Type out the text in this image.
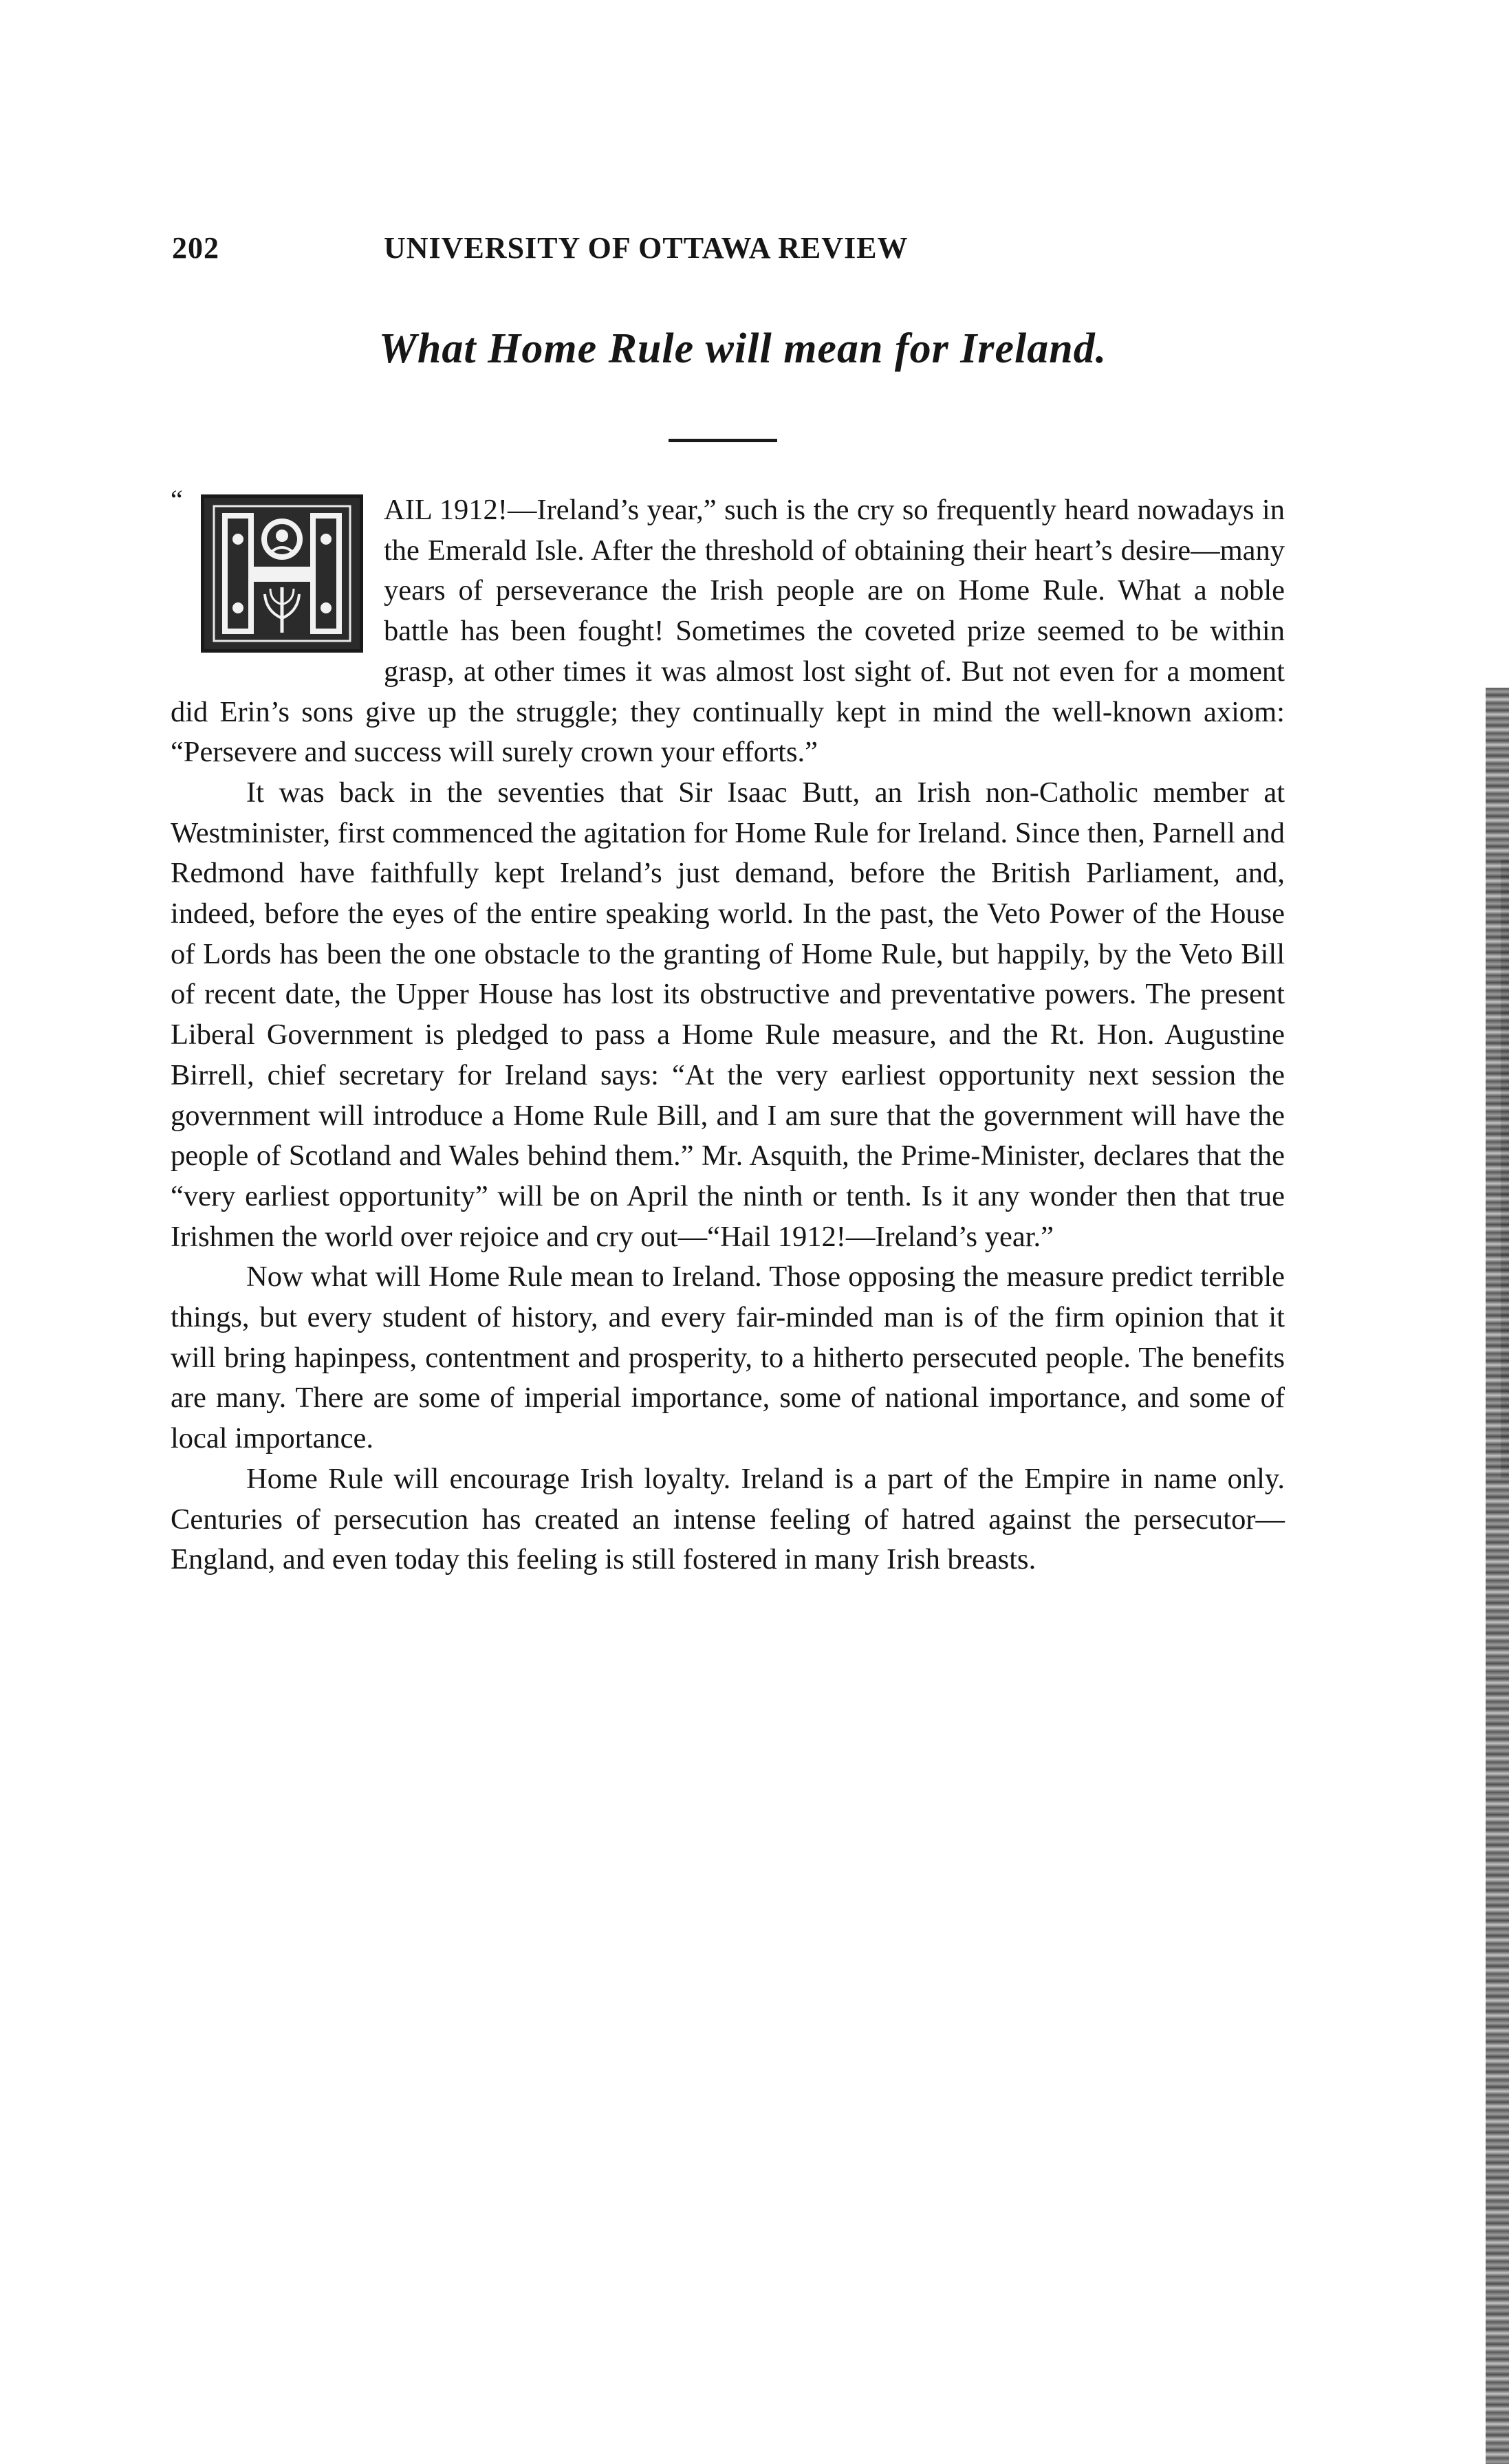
202	UNIVERSITY OF OTTAWA REVIEW
What Home Rule will mean for Ireland.

“	AIL 1912!—Ireland’s year,” such is the cry so frequently heard nowadays in the Emerald Isle. After the threshold of obtaining their heart’s desire—many years of perseverance the Irish people are on Home Rule. What a noble battle has been fought! Sometimes the coveted prize seemed to be within grasp, at other times it was almost lost sight of. But not even for a moment did Erin’s sons give up the struggle; they continually kept in mind the well-known axiom: “Persevere and success will surely crown your efforts.”

It was back in the seventies that Sir Isaac Butt, an Irish non-Catholic member at Westminister, first commenced the agitation for Home Rule for Ireland. Since then, Parnell and Redmond have faithfully kept Ireland’s just demand, before the British Parliament, and, indeed, before the eyes of the entire speaking world. In the past, the Veto Power of the House of Lords has been the one obstacle to the granting of Home Rule, but happily, by the Veto Bill of recent date, the Upper House has lost its obstructive and preventative powers. The present Liberal Government is pledged to pass a Home Rule measure, and the Rt. Hon. Augustine Birrell, chief secretary for Ireland says: “At the very earliest opportunity next session the government will introduce a Home Rule Bill, and I am sure that the government will have the people of Scotland and Wales behind them.” Mr. Asquith, the Prime-Minister, declares that the “very earliest opportunity” will be on April the ninth or tenth. Is it any wonder then that true Irishmen the world over rejoice and cry out—“Hail 1912!—Ireland’s year.”

Now what will Home Rule mean to Ireland. Those opposing the measure predict terrible things, but every student of history, and every fair-minded man is of the firm opinion that it will bring hapinpess, contentment and prosperity, to a hitherto persecuted people. The benefits are many. There are some of imperial importance, some of national importance, and some of local importance.

Home Rule will encourage Irish loyalty. Ireland is a part of the Empire in name only. Centuries of persecution has created an intense feeling of hatred against the persecutor—England, and even today this feeling is still fostered in many Irish breasts.
